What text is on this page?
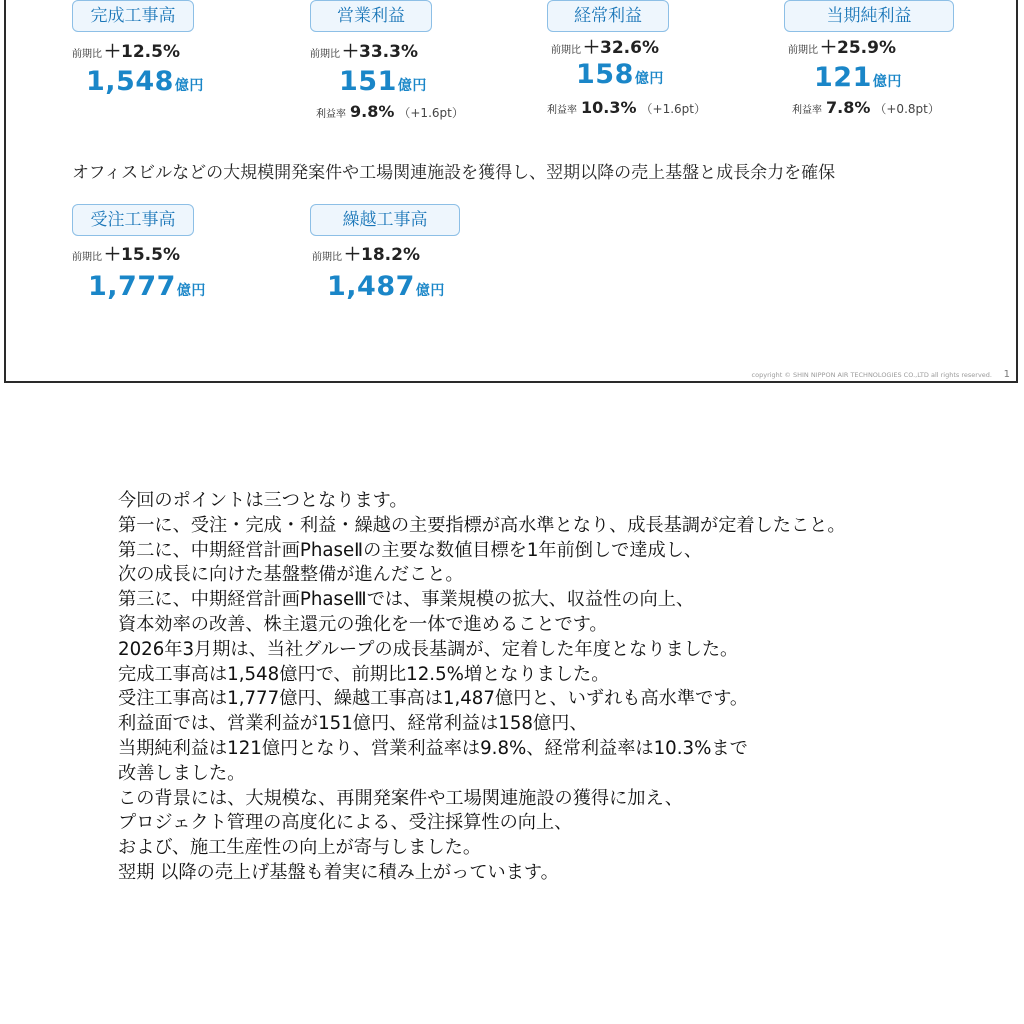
完成工事高
前期比 ＋12.5%
1,548億円
営業利益
前期比 ＋33.3%
151億円
利益率 9.8% （+1.6pt）
経常利益
前期比 ＋32.6%
158億円
利益率 10.3% （+1.6pt）
当期純利益
前期比 ＋25.9%
121億円
利益率 7.8% （+0.8pt）
オフィスビルなどの大規模開発案件や工場関連施設を獲得し、翌期以降の売上基盤と成長余力を確保
受注工事高
前期比 ＋15.5%
1,777億円
繰越工事高
前期比 ＋18.2%
1,487億円
copyright © SHIN NIPPON AIR TECHNOLOGIES CO.,LTD all rights reserved. 1
今回のポイントは三つとなります。
第一に、受注・完成・利益・繰越の主要指標が高水準となり、成長基調が定着したこと。
第二に、中期経営計画PhaseⅡの主要な数値目標を1年前倒しで達成し、
次の成長に向けた基盤整備が進んだこと。
第三に、中期経営計画PhaseⅢでは、事業規模の拡大、収益性の向上、
資本効率の改善、株主還元の強化を一体で進めることです。
2026年3月期は、当社グループの成長基調が、定着した年度となりました。
完成工事高は1,548億円で、前期比12.5%増となりました。
受注工事高は1,777億円、繰越工事高は1,487億円と、いずれも高水準です。
利益面では、営業利益が151億円、経常利益は158億円、
当期純利益は121億円となり、営業利益率は9.8%、経常利益率は10.3%まで
改善しました。
この背景には、大規模な、再開発案件や工場関連施設の獲得に加え、
プロジェクト管理の高度化による、受注採算性の向上、
および、施工生産性の向上が寄与しました。
翌期 以降の売上げ基盤も着実に積み上がっています。
